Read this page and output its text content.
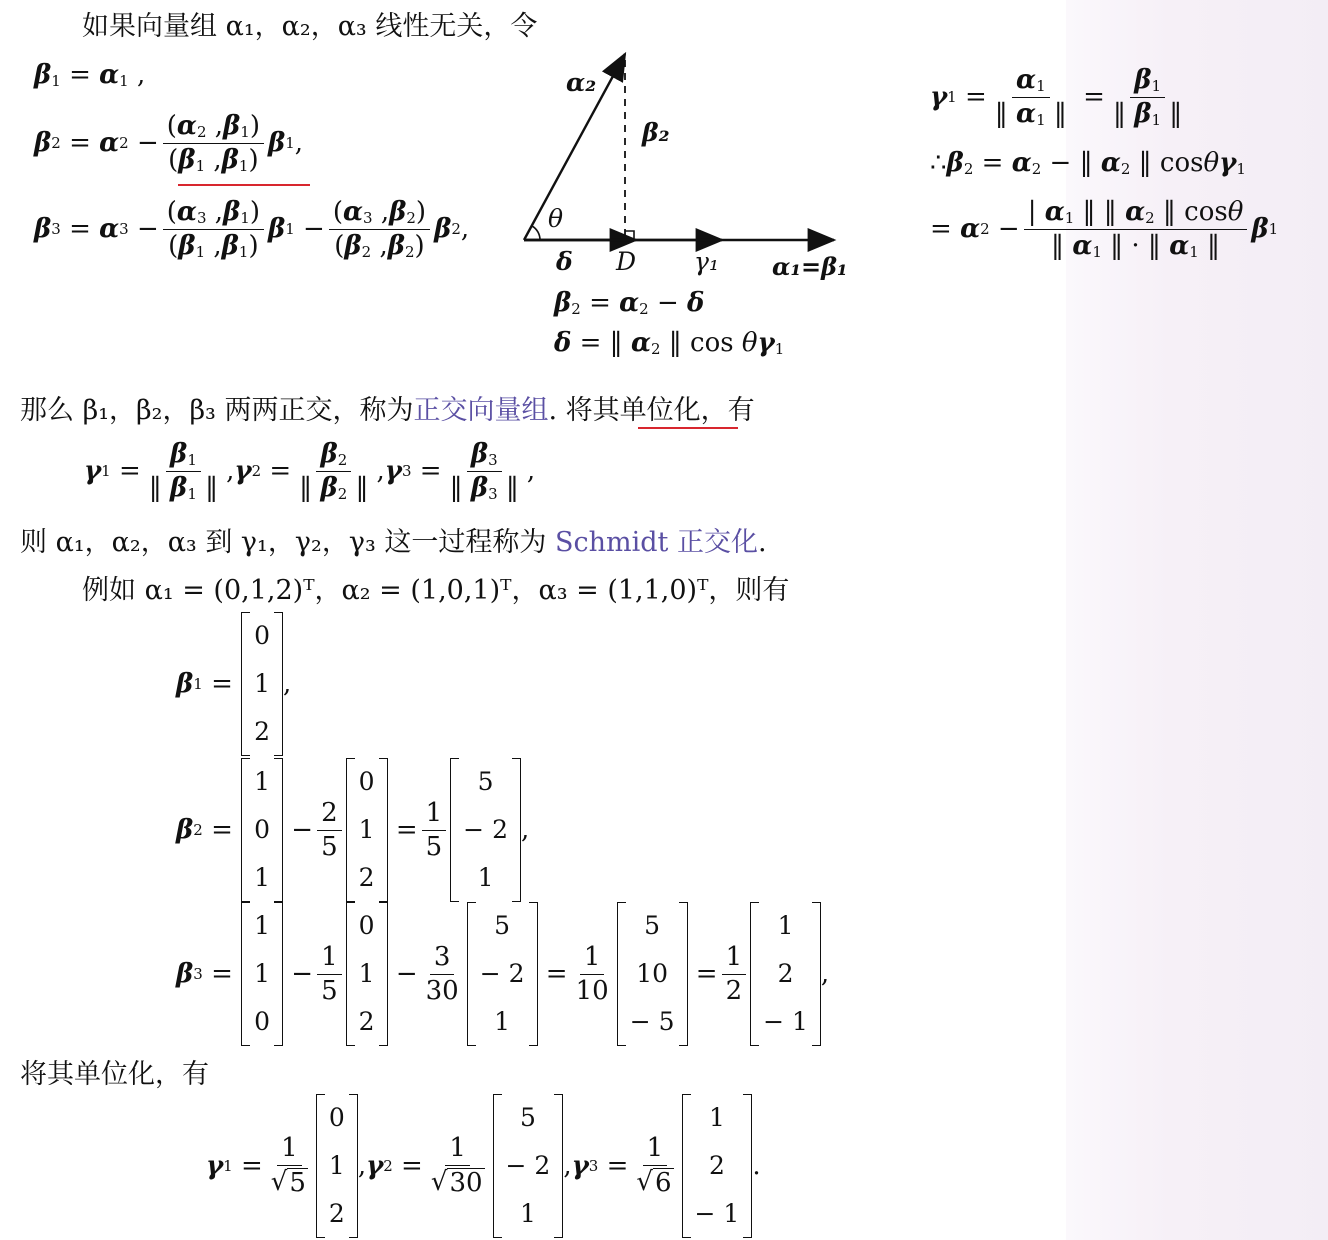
如果向量组 α₁，α₂，α₃ 线性无关，令
$\beta_1 = \alpha_1$ ,
β 2 = α $2 - \frac{(\alpha_2 ,\beta_1)}{(\beta_1 ,\beta_1)}$ β 1 ,
β 3 = α $3 - \frac{(\alpha_3 ,\beta_1)}{(\beta_1 ,\beta_1)}$ β $1 - \frac{(\alpha_3 ,\beta_2)}{(\beta_2 ,\beta_2)}$ β 2 ,
α₂
β₂
θ
δ D γ₁ α₁=β₁
$\beta_2 = \alpha_2 - \delta$
δ = ‖ $\alpha_2$ ‖ $\cos \theta\gamma_1$
γ $1 = \frac{\alpha_1}{‖ \alpha_1 ‖} = \frac{\beta_1}{‖ \beta_1 ‖}$
$\therefore\beta_2 = \alpha_2$ − ‖ $\alpha_2$ ‖ cosθγ$_1$
= α $2 - \frac{| \alpha_1 ‖ ‖ \alpha_2 ‖ \cos\theta}{‖ \alpha_1 ‖ \cdot ‖ \alpha_1 ‖}$ β 1
那么 β₁，β₂，β₃ 两两正交，称为正交向量组. 将其单位化，有
γ $1 = \frac{\beta_1}{‖ \beta_1 ‖}$ , γ $2 = \frac{\beta_2}{‖ \beta_2 ‖}$ , γ $3 = \frac{\beta_3}{‖ \beta_3 ‖}$ ,
则 α₁，α₂，α₃ 到 γ₁，γ₂，γ₃ 这一过程称为 Schmidt 正交化.
例如 α₁ = (0,1,2)ᵀ，α₂ = (1,0,1)ᵀ，α₃ = (1,1,0)ᵀ，则有
β 1 =
0
1
2
,
β 2 =
1
0
1
− $\frac{2}{5}$
0
1
2
= $\frac{1}{5}$
5
− 2
1
,
β 3 =
1
1
0
− $\frac{1}{5}$
0
1
2
− $\frac{3}{30}$
5
− 2
1
= $\frac{1}{10}$
5
10
− 5
= $\frac{1}{2}$
1
2
− 1
,
将其单位化，有
γ $1 = \frac{1}{√ 5}$
0
1
2
, γ $2 = \frac{1}{√ 30}$
5
− 2
1
, γ $3 = \frac{1}{√ 6}$
1
2
− 1
.
